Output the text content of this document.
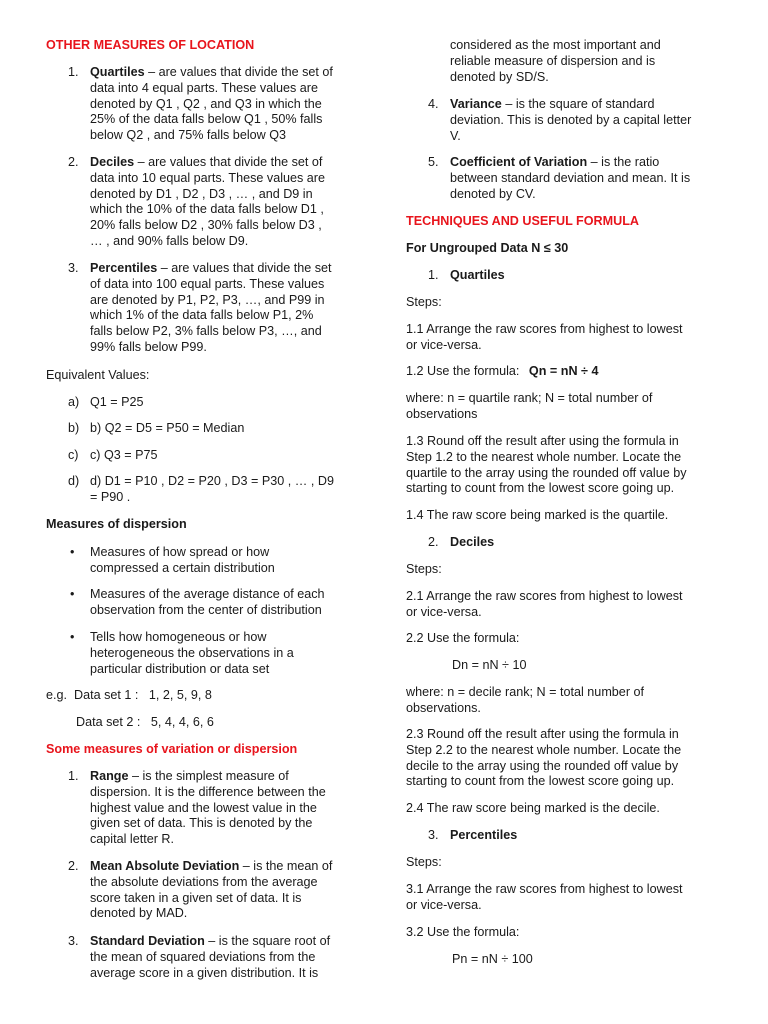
OTHER MEASURES OF LOCATION
1. Quartiles – are values that divide the set of
data into 4 equal parts. These values are
denoted by Q1 , Q2 , and Q3 in which the
25% of the data falls below Q1 , 50% falls
below Q2 , and 75% falls below Q3
2. Deciles – are values that divide the set of
data into 10 equal parts. These values are
denoted by D1 , D2 , D3 , … , and D9 in
which the 10% of the data falls below D1 ,
20% falls below D2 , 30% falls below D3 ,
… , and 90% falls below D9.
3. Percentiles – are values that divide the set
of data into 100 equal parts. These values
are denoted by P1, P2, P3, …, and P99 in
which 1% of the data falls below P1, 2%
falls below P2, 3% falls below P3, …, and
99% falls below P99.
Equivalent Values:
a) Q1 = P25
b) b) Q2 = D5 = P50 = Median
c) c) Q3 = P75
d) d) D1 = P10 , D2 = P20 , D3 = P30 , … , D9
= P90 .
Measures of dispersion
• Measures of how spread or how
compressed a certain distribution
• Measures of the average distance of each
observation from the center of distribution
• Tells how homogeneous or how
heterogeneous the observations in a
particular distribution or data set
e.g.  Data set 1 :   1, 2, 5, 9, 8
Data set 2 :   5, 4, 4, 6, 6
Some measures of variation or dispersion
1. Range – is the simplest measure of
dispersion. It is the difference between the
highest value and the lowest value in the
given set of data. This is denoted by the
capital letter R.
2. Mean Absolute Deviation – is the mean of
the absolute deviations from the average
score taken in a given set of data. It is
denoted by MAD.
3. Standard Deviation – is the square root of
the mean of squared deviations from the
average score in a given distribution. It is
considered as the most important and
reliable measure of dispersion and is
denoted by SD/S.
4. Variance – is the square of standard
deviation. This is denoted by a capital letter
V.
5. Coefficient of Variation – is the ratio
between standard deviation and mean. It is
denoted by CV.
TECHNIQUES AND USEFUL FORMULA
For Ungrouped Data N ≤ 30
1. Quartiles
Steps:
1.1 Arrange the raw scores from highest to lowest
or vice-versa.
1.2 Use the formula: Qn = nN ÷ 4
where: n = quartile rank; N = total number of
observations
1.3 Round off the result after using the formula in
Step 1.2 to the nearest whole number. Locate the
quartile to the array using the rounded off value by
starting to count from the lowest score going up.
1.4 The raw score being marked is the quartile.
2. Deciles
Steps:
2.1 Arrange the raw scores from highest to lowest
or vice-versa.
2.2 Use the formula:
Dn = nN ÷ 10
where: n = decile rank; N = total number of
observations.
2.3 Round off the result after using the formula in
Step 2.2 to the nearest whole number. Locate the
decile to the array using the rounded off value by
starting to count from the lowest score going up.
2.4 The raw score being marked is the decile.
3. Percentiles
Steps:
3.1 Arrange the raw scores from highest to lowest
or vice-versa.
3.2 Use the formula:
Pn = nN ÷ 100
